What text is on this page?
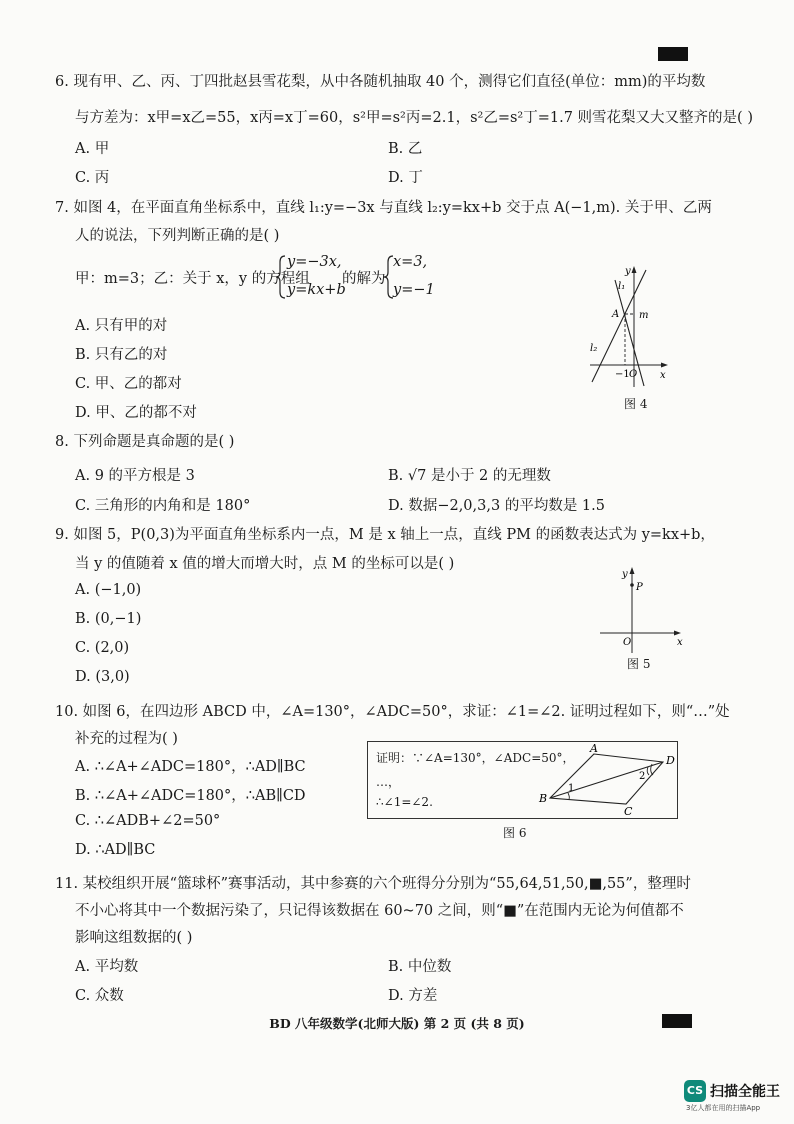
6. 现有甲、乙、丙、丁四批赵县雪花梨，从中各随机抽取 40 个，测得它们直径(单位：mm)的平均数
与方差为：x甲=x乙=55，x丙=x丁=60，s²甲=s²丙=2.1，s²乙=s²丁=1.7 则雪花梨又大又整齐的是( )
A. 甲	B. 乙
C. 丙	D. 丁
7. 如图 4，在平面直角坐标系中，直线 l₁:y=−3x 与直线 l₂:y=kx+b 交于点 A(−1,m). 关于甲、乙两
人的说法，下列判断正确的是( )
甲：m=3；乙：关于 x，y 的方程组
y=−3x,
y=kx+b
的解为
x=3,
y=−1
A. 只有甲的对
B. 只有乙的对
C. 甲、乙的都对
D. 甲、乙的都不对
y
x
l₁
l₂
A m
−1 O
图 4
8. 下列命题是真命题的是( )
A. 9 的平方根是 3	B. √7 是小于 2 的无理数
C. 三角形的内角和是 180°	D. 数据−2,0,3,3 的平均数是 1.5
9. 如图 5，P(0,3)为平面直角坐标系内一点，M 是 x 轴上一点，直线 PM 的函数表达式为 y=kx+b，
当 y 的值随着 x 值的增大而增大时，点 M 的坐标可以是( )
A. (−1,0)
B. (0,−1)
C. (2,0)
D. (3,0)
y
P
O	x
图 5
10. 如图 6，在四边形 ABCD 中，∠A=130°，∠ADC=50°，求证：∠1=∠2. 证明过程如下，则“…”处
补充的过程为( )
A. ∴∠A+∠ADC=180°，∴AD∥BC
B. ∴∠A+∠ADC=180°，∴AB∥CD
C. ∴∠ADB+∠2=50°
D. ∴AD∥BC
证明：∵∠A=130°，∠ADC=50°，
…，
∴∠1=∠2.
A
D
B
C
1
2
图 6
11. 某校组织开展“篮球杯”赛事活动，其中参赛的六个班得分分别为“55,64,51,50,■,55”，整理时
不小心将其中一个数据污染了，只记得该数据在 60~70 之间，则“■”在范围内无论为何值都不
影响这组数据的( )
A. 平均数	B. 中位数
C. 众数	D. 方差
BD 八年级数学(北师大版) 第 2 页 (共 8 页)
CS 扫描全能王
3亿人都在用的扫描App
